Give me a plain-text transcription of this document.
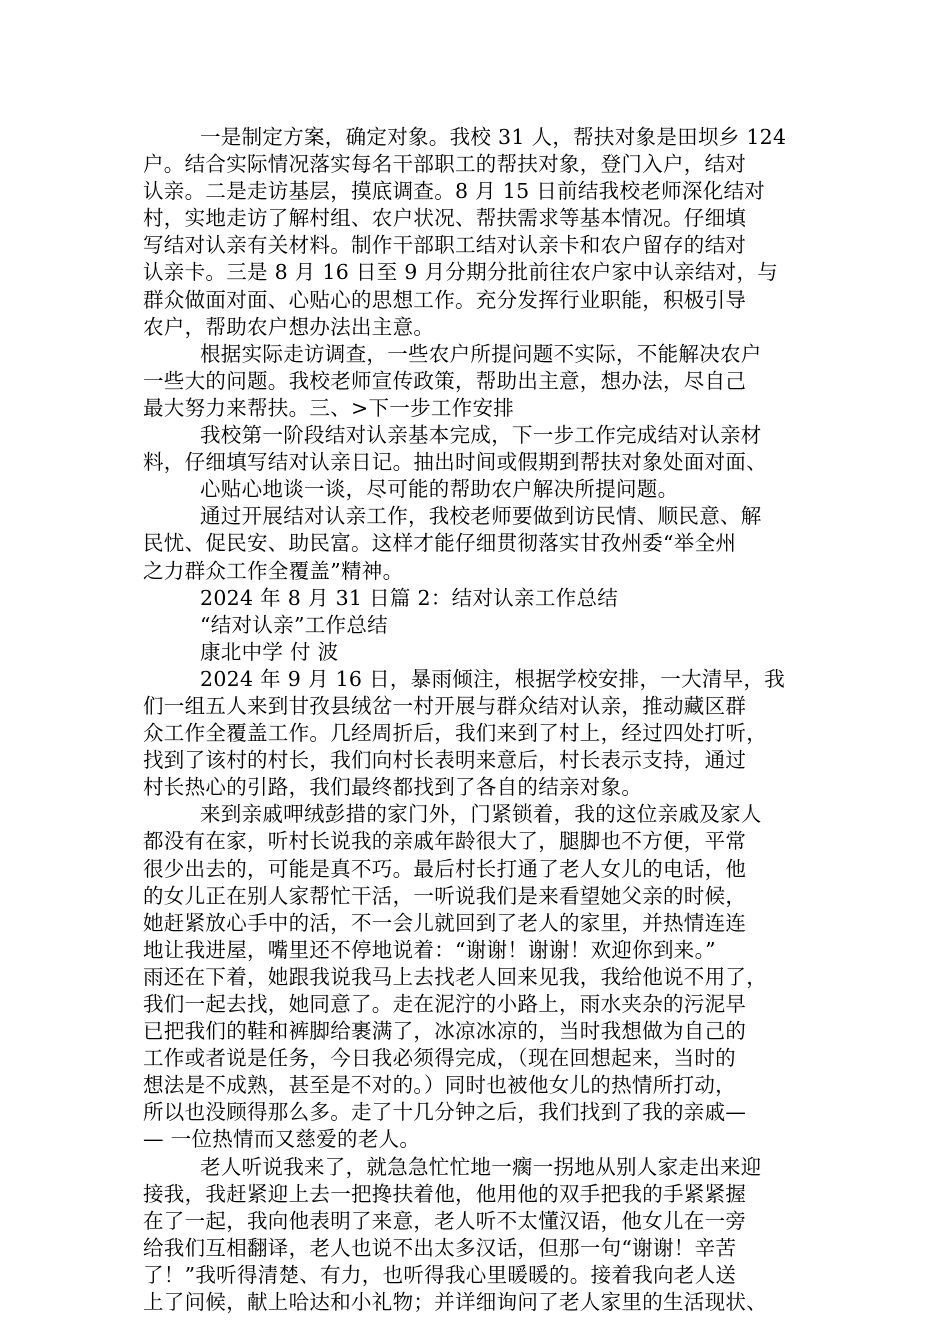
一是制定方案，确定对象。我校 31 人，帮扶对象是田坝乡 124
户。结合实际情况落实每名干部职工的帮扶对象，登门入户，结对
认亲。二是走访基层，摸底调查。8 月 15 日前结我校老师深化结对
村，实地走访了解村组、农户状况、帮扶需求等基本情况。仔细填
写结对认亲有关材料。制作干部职工结对认亲卡和农户留存的结对
认亲卡。三是 8 月 16 日至 9 月分期分批前往农户家中认亲结对，与
群众做面对面、心贴心的思想工作。充分发挥行业职能，积极引导
农户，帮助农户想办法出主意。
根据实际走访调查，一些农户所提问题不实际，不能解决农户
一些大的问题。我校老师宣传政策，帮助出主意，想办法，尽自己
最大努力来帮扶。三、>下一步工作安排
我校第一阶段结对认亲基本完成，下一步工作完成结对认亲材
料，仔细填写结对认亲日记。抽出时间或假期到帮扶对象处面对面、
心贴心地谈一谈，尽可能的帮助农户解决所提问题。
通过开展结对认亲工作，我校老师要做到访民情、顺民意、解
民忧、促民安、助民富。这样才能仔细贯彻落实甘孜州委“举全州
之力群众工作全覆盖”精神。
2024 年 8 月 31 日篇 2：结对认亲工作总结
“结对认亲”工作总结
康北中学 付 波
2024 年 9 月 16 日，暴雨倾注，根据学校安排，一大清早，我
们一组五人来到甘孜县绒岔一村开展与群众结对认亲，推动藏区群
众工作全覆盖工作。几经周折后，我们来到了村上，经过四处打听，
找到了该村的村长，我们向村长表明来意后，村长表示支持，通过
村长热心的引路，我们最终都找到了各自的结亲对象。
来到亲戚呷绒彭措的家门外，门紧锁着，我的这位亲戚及家人
都没有在家，听村长说我的亲戚年龄很大了，腿脚也不方便，平常
很少出去的，可能是真不巧。最后村长打通了老人女儿的电话，他
的女儿正在别人家帮忙干活，一听说我们是来看望她父亲的时候，
她赶紧放心手中的活，不一会儿就回到了老人的家里，并热情连连
地让我进屋，嘴里还不停地说着：“谢谢！谢谢！欢迎你到来。”
雨还在下着，她跟我说我马上去找老人回来见我，我给他说不用了，
我们一起去找，她同意了。走在泥泞的小路上，雨水夹杂的污泥早
已把我们的鞋和裤脚给裹满了，冰凉冰凉的，当时我想做为自己的
工作或者说是任务，今日我必须得完成，（现在回想起来，当时的
想法是不成熟，甚至是不对的。）同时也被他女儿的热情所打动，
所以也没顾得那么多。走了十几分钟之后，我们找到了我的亲戚—
— 一位热情而又慈爱的老人。
老人听说我来了，就急急忙忙地一瘸一拐地从别人家走出来迎
接我，我赶紧迎上去一把搀扶着他，他用他的双手把我的手紧紧握
在了一起，我向他表明了来意，老人听不太懂汉语，他女儿在一旁
给我们互相翻译，老人也说不出太多汉话，但那一句“谢谢！辛苦
了！”我听得清楚、有力，也听得我心里暖暖的。接着我向老人送
上了问候，献上哈达和小礼物；并详细询问了老人家里的生活现状、
